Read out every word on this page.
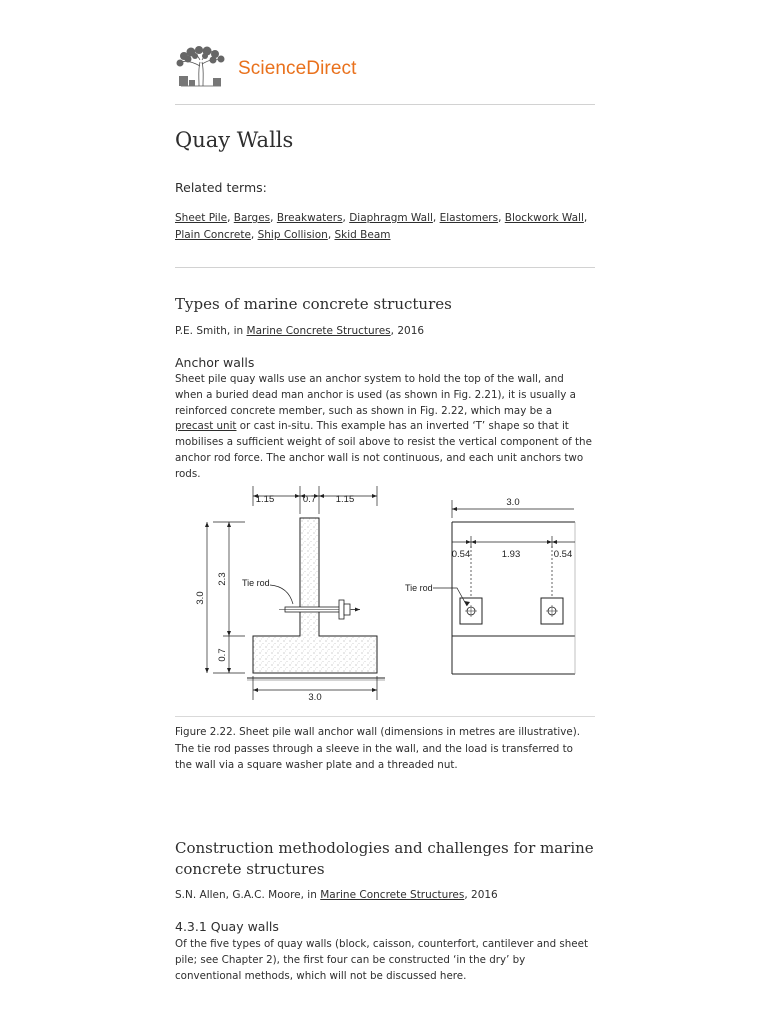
ScienceDirect
Quay Walls
Related terms:
Sheet Pile, Barges, Breakwaters, Diaphragm Wall, Elastomers, Blockwork Wall,
Plain Concrete, Ship Collision, Skid Beam
Types of marine concrete structures
P.E. Smith, in Marine Concrete Structures, 2016
Anchor walls
Sheet pile quay walls use an anchor system to hold the top of the wall, and when a buried dead man anchor is used (as shown in Fig. 2.21), it is usually a reinforced concrete member, such as shown in Fig. 2.22, which may be a precast unit or cast in-situ. This example has an inverted ‘T’ shape so that it mobilises a sufficient weight of soil above to resist the vertical component of the anchor rod force. The anchor wall is not continuous, and each unit anchors two rods.
1.15	0.7 1.15
3.0
2.3
0.7
3.0
Tie rod
3.0
0.54	1.93	0.54
Tie rod
Figure 2.22. Sheet pile wall anchor wall (dimensions in metres are illustrative). The tie rod passes through a sleeve in the wall, and the load is transferred to the wall via a square washer plate and a threaded nut.
Construction methodologies and challenges for marine concrete structures
S.N. Allen, G.A.C. Moore, in Marine Concrete Structures, 2016
4.3.1 Quay walls
Of the five types of quay walls (block, caisson, counterfort, cantilever and sheet pile; see Chapter 2), the first four can be constructed ‘in the dry’ by conventional methods, which will not be discussed here.
